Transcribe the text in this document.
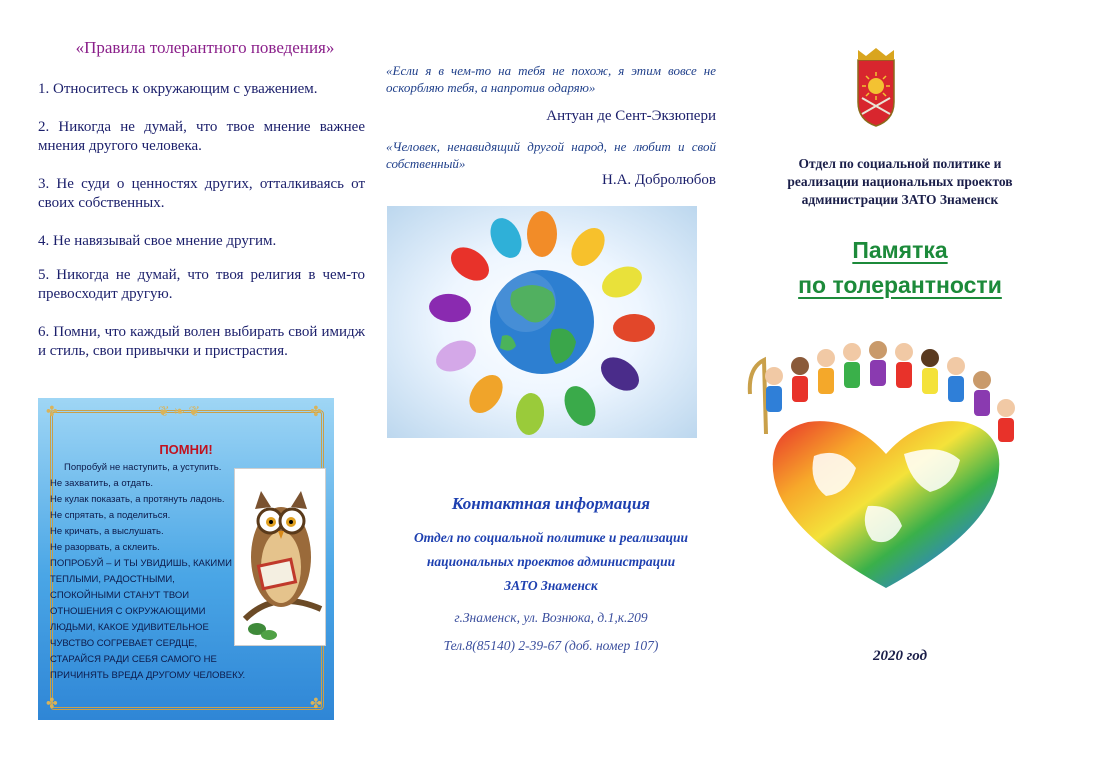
«Правила толерантного поведения»
1. Относитесь к окружающим с уважением.
2. Никогда не думай, что твое мнение важнее мнения другого человека.
3. Не суди о ценностях других, отталкиваясь от своих собственных.
4. Не навязывай свое мнение другим.
5. Никогда не думай, что твоя религия в чем-то превосходит другую.
6. Помни, что каждый волен выбирать свой имидж и стиль, свои привычки и пристрастия.
❦ ❧ ❦
✤	✤
✤	✤
ПОМНИ!
Попробуй не наступить, а уступить.
Не захватить, а отдать.
Не кулак показать, а протянуть ладонь.
Не спрятать, а поделиться.
Не кричать, а выслушать.
Не разорвать, а склеить.
ПОПРОБУЙ – И ТЫ УВИДИШЬ, КАКИМИ
ТЕПЛЫМИ, РАДОСТНЫМИ,
СПОКОЙНЫМИ СТАНУТ ТВОИ
ОТНОШЕНИЯ С ОКРУЖАЮЩИМИ
ЛЮДЬМИ, КАКОЕ УДИВИТЕЛЬНОЕ
ЧУВСТВО СОГРЕВАЕТ СЕРДЦЕ,
СТАРАЙСЯ РАДИ СЕБЯ САМОГО НЕ
ПРИЧИНЯТЬ ВРЕДА ДРУГОМУ ЧЕЛОВЕКУ.
«Если я в чем-то на тебя не похож, я этим вовсе не оскорбляю тебя, а напротив одаряю»
Антуан де Сент-Экзюпери
«Человек, ненавидящий другой народ, не любит и свой собственный»
Н.А. Добролюбов
Контактная информация
Отдел по социальной политике и реализации
национальных проектов администрации
ЗАТО Знаменск
г.Знаменск, ул. Вознюка, д.1,к.209
Тел.8(85140) 2-39-67 (доб. номер 107)
Отдел по социальной политике и
реализации национальных проектов
администрации ЗАТО Знаменск
Памятка
по толерантности
2020 год
